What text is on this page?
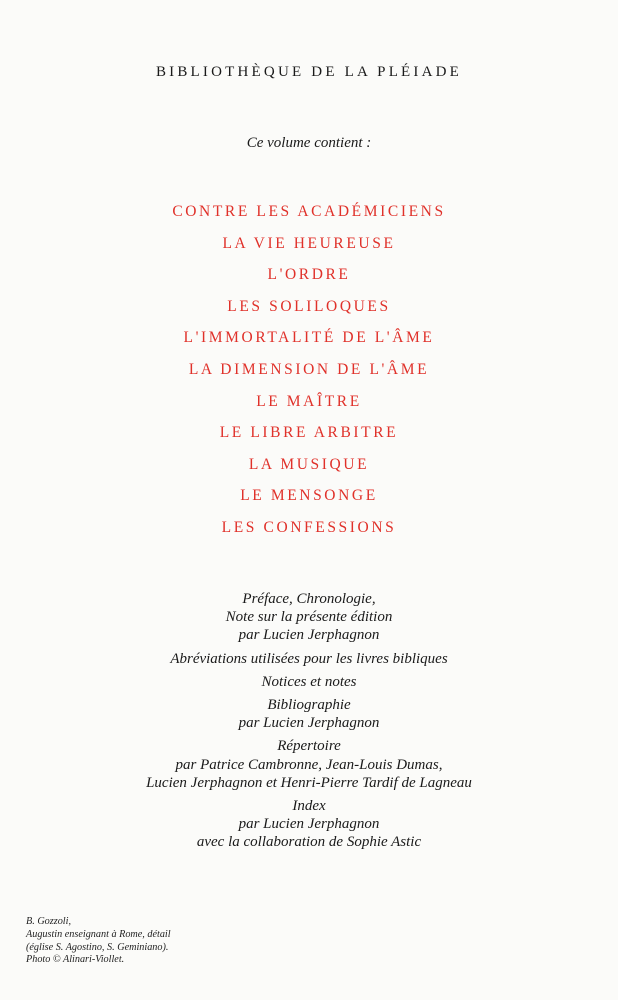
BIBLIOTHÈQUE DE LA PLÉIADE
Ce volume contient :
CONTRE LES ACADÉMICIENS
LA VIE HEUREUSE
L'ORDRE
LES SOLILOQUES
L'IMMORTALITÉ DE L'ÂME
LA DIMENSION DE L'ÂME
LE MAÎTRE
LE LIBRE ARBITRE
LA MUSIQUE
LE MENSONGE
LES CONFESSIONS
Préface, Chronologie,
Note sur la présente édition
par Lucien Jerphagnon
Abréviations utilisées pour les livres bibliques
Notices et notes
Bibliographie
par Lucien Jerphagnon
Répertoire
par Patrice Cambronne, Jean-Louis Dumas,
Lucien Jerphagnon et Henri-Pierre Tardif de Lagneau
Index
par Lucien Jerphagnon
avec la collaboration de Sophie Astic
B. Gozzoli,
Augustin enseignant à Rome, détail
(église S. Agostino, S. Geminiano).
Photo © Alinari-Viollet.
